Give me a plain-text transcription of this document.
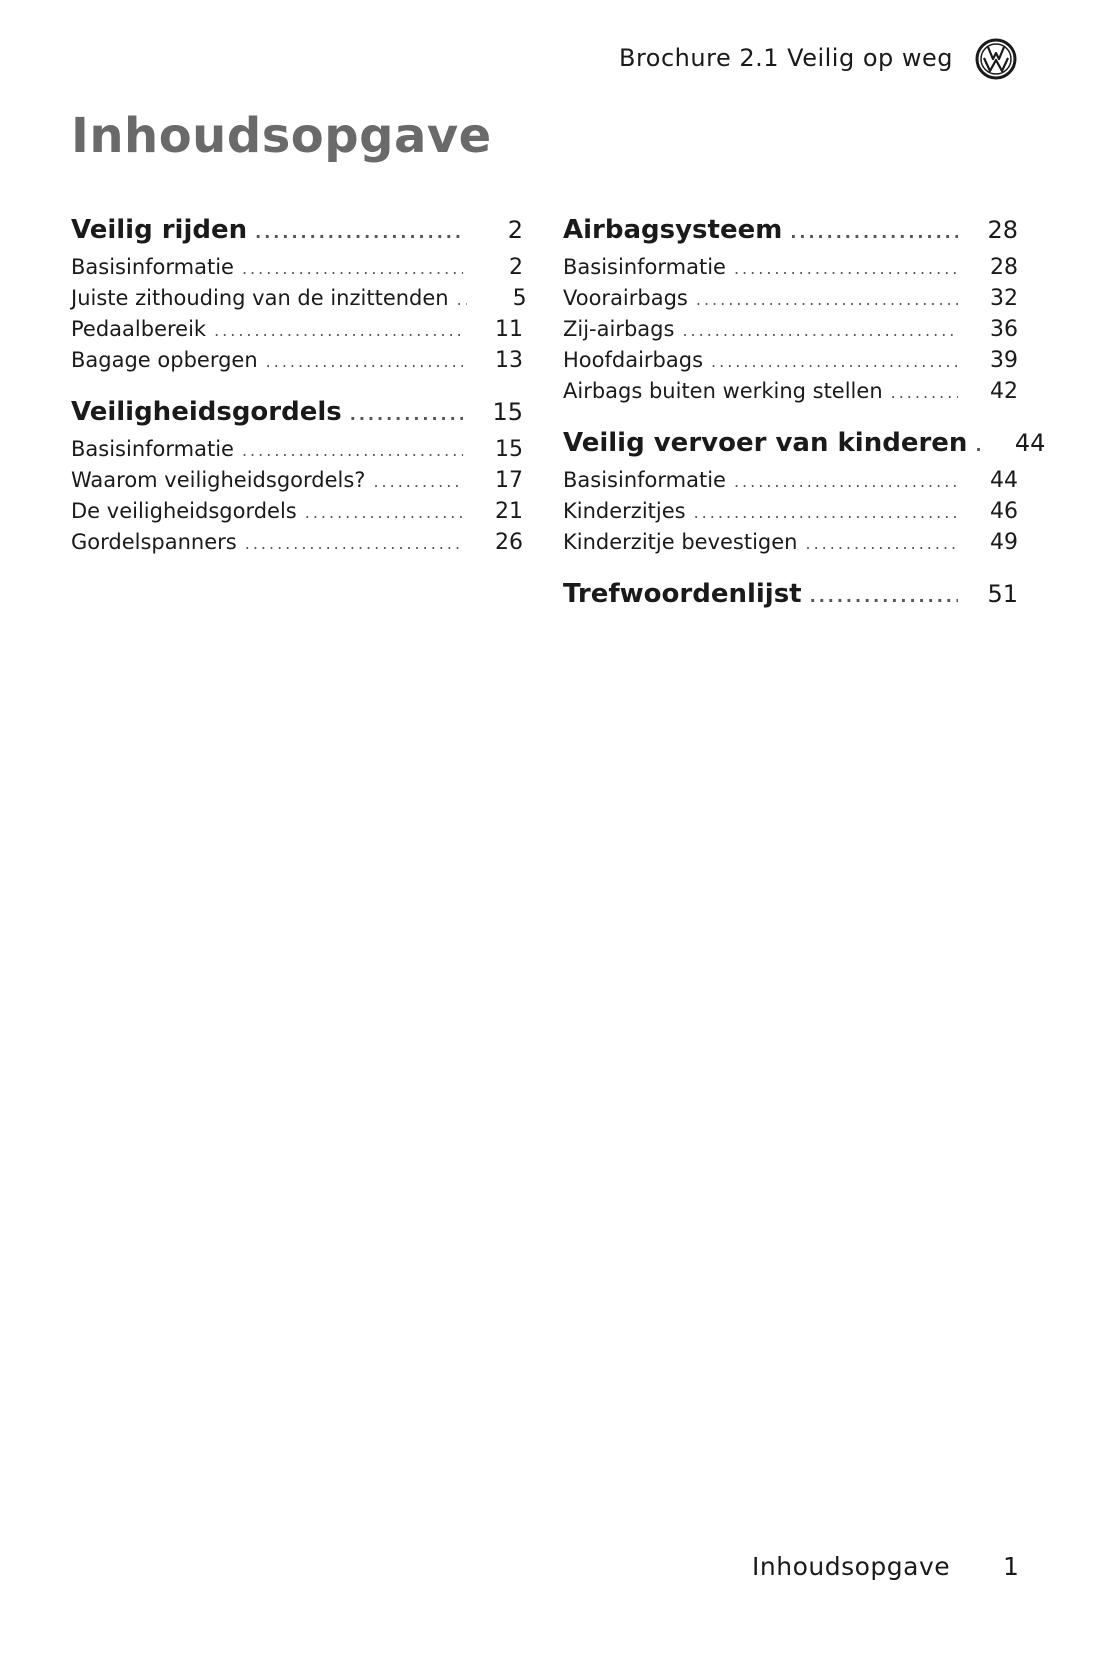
Brochure 2.1 Veilig op weg
Inhoudsopgave
Veilig rijden .....	2
Basisinformatie .....	2
Juiste zithouding van de inzittenden .....	5
Pedaalbereik .....	11
Bagage opbergen .....	13
Veiligheidsgordels .....	15
Basisinformatie .....	15
Waarom veiligheidsgordels? .....	17
De veiligheidsgordels .....	21
Gordelspanners .....	26
Airbagsysteem .....	28
Basisinformatie .....	28
Voorairbags .....	32
Zij-airbags .....	36
Hoofdairbags .....	39
Airbags buiten werking stellen .....	42
Veilig vervoer van kinderen ..... 44
Basisinformatie .....	44
Kinderzitjes .....	46
Kinderzitje bevestigen .....	49
Trefwoordenlijst .....	51
Inhoudsopgave 1
